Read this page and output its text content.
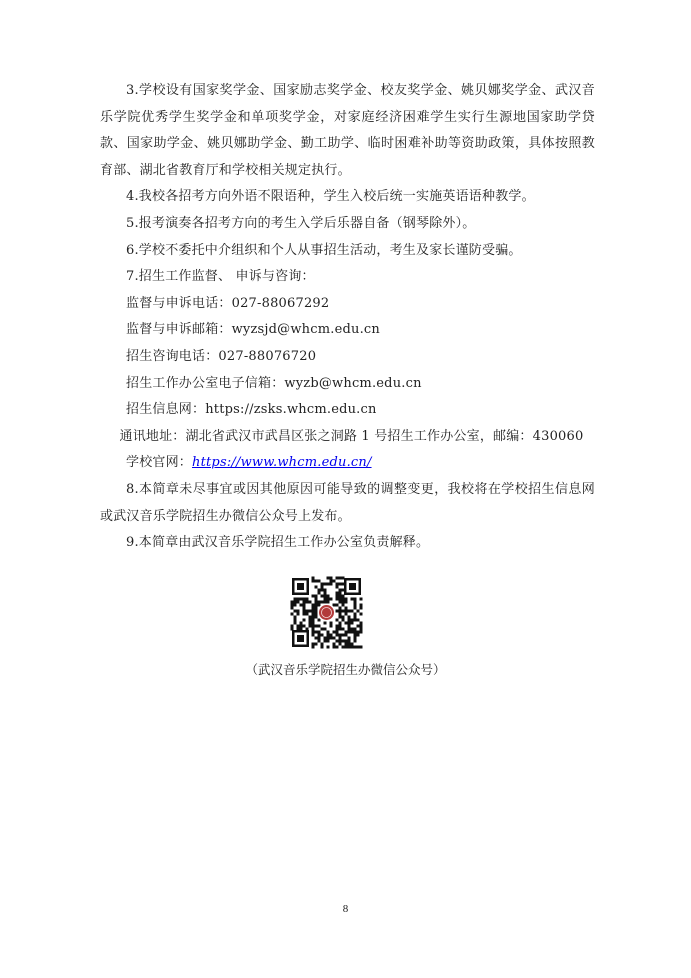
3.学校设有国家奖学金、国家励志奖学金、校友奖学金、姚贝娜奖学金、武汉音乐学院优秀学生奖学金和单项奖学金，对家庭经济困难学生实行生源地国家助学贷款、国家助学金、姚贝娜助学金、勤工助学、临时困难补助等资助政策，具体按照教育部、湖北省教育厅和学校相关规定执行。

4.我校各招考方向外语不限语种，学生入校后统一实施英语语种教学。

5.报考演奏各招考方向的考生入学后乐器自备（钢琴除外）。

6.学校不委托中介组织和个人从事招生活动，考生及家长谨防受骗。

7.招生工作监督、 申诉与咨询：

监督与申诉电话：027-88067292

监督与申诉邮箱：wyzsjd@whcm.edu.cn

招生咨询电话：027-88076720

招生工作办公室电子信箱：wyzb@whcm.edu.cn

招生信息网：https://zsks.whcm.edu.cn

通讯地址：湖北省武汉市武昌区张之洞路 1 号招生工作办公室，邮编：430060

学校官网：https://www.whcm.edu.cn/

8.本简章未尽事宜或因其他原因可能导致的调整变更，我校将在学校招生信息网或武汉音乐学院招生办微信公众号上发布。

9.本简章由武汉音乐学院招生工作办公室负责解释。

（武汉音乐学院招生办微信公众号）
8
